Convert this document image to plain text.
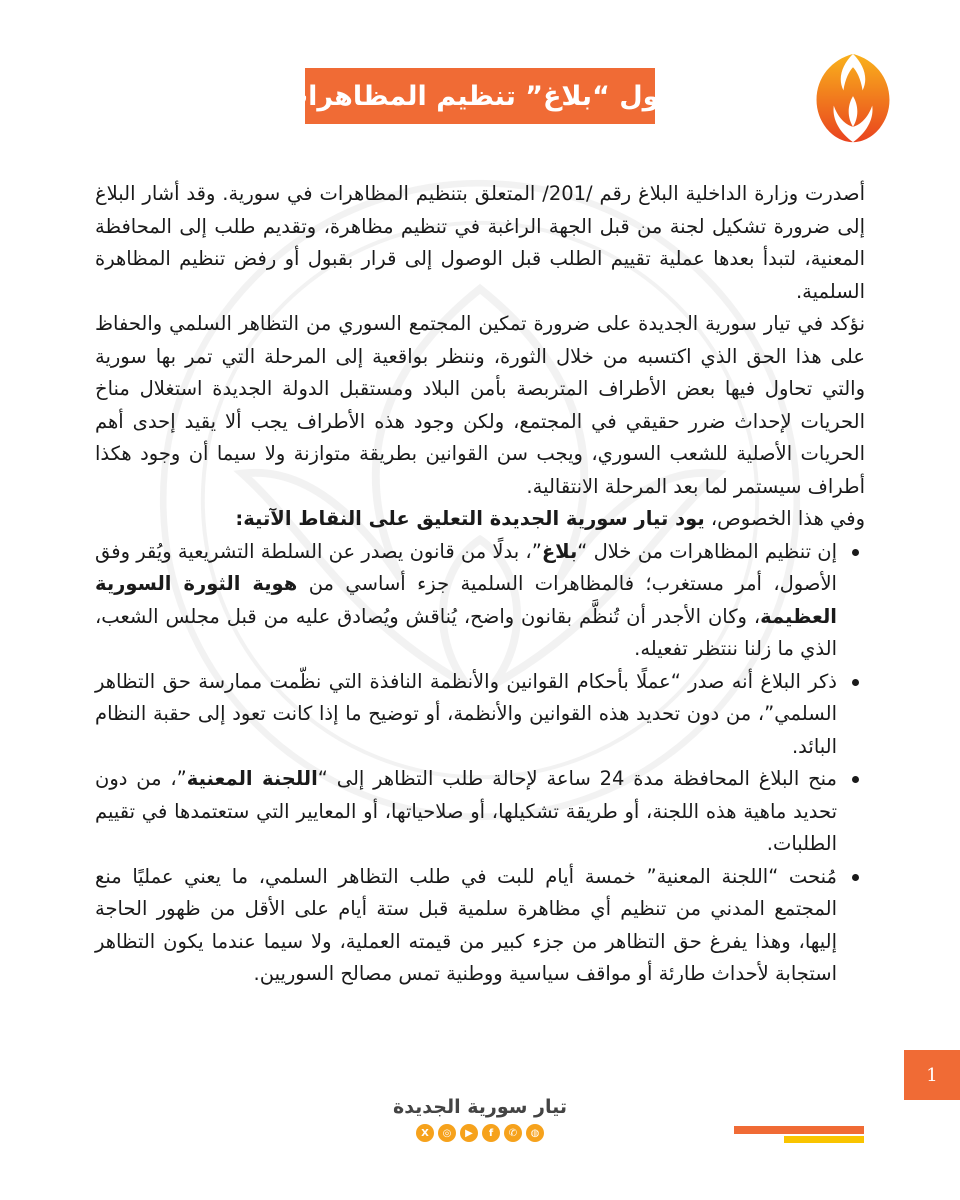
حول “بلاغ” تنظيم المظاهرات

أصدرت وزارة الداخلية البلاغ رقم /201/ المتعلق بتنظيم المظاهرات في سورية. وقد أشار البلاغ إلى ضرورة تشكيل لجنة من قبل الجهة الراغبة في تنظيم مظاهرة، وتقديم طلب إلى المحافظة المعنية، لتبدأ بعدها عملية تقييم الطلب قبل الوصول إلى قرار بقبول أو رفض تنظيم المظاهرة السلمية.

نؤكد في تيار سورية الجديدة على ضرورة تمكين المجتمع السوري من التظاهر السلمي والحفاظ على هذا الحق الذي اكتسبه من خلال الثورة، وننظر بواقعية إلى المرحلة التي تمر بها سورية والتي تحاول فيها بعض الأطراف المتربصة بأمن البلاد ومستقبل الدولة الجديدة استغلال مناخ الحريات لإحداث ضرر حقيقي في المجتمع، ولكن وجود هذه الأطراف يجب ألا يقيد إحدى أهم الحريات الأصلية للشعب السوري، ويجب سن القوانين بطريقة متوازنة ولا سيما أن وجود هكذا أطراف سيستمر لما بعد المرحلة الانتقالية.

وفي هذا الخصوص، يود تيار سورية الجديدة التعليق على النقاط الآتية:

إن تنظيم المظاهرات من خلال “بلاغ”، بدلًا من قانون يصدر عن السلطة التشريعية ويُقر وفق الأصول، أمر مستغرب؛ فالمظاهرات السلمية جزء أساسي من هوية الثورة السورية العظيمة، وكان الأجدر أن تُنظَّم بقانون واضح، يُناقش ويُصادق عليه من قبل مجلس الشعب، الذي ما زلنا ننتظر تفعيله.
ذكر البلاغ أنه صدر “عملًا بأحكام القوانين والأنظمة النافذة التي نظّمت ممارسة حق التظاهر السلمي”، من دون تحديد هذه القوانين والأنظمة، أو توضيح ما إذا كانت تعود إلى حقبة النظام البائد.
منح البلاغ المحافظة مدة 24 ساعة لإحالة طلب التظاهر إلى “اللجنة المعنية”، من دون تحديد ماهية هذه اللجنة، أو طريقة تشكيلها، أو صلاحياتها، أو المعايير التي ستعتمدها في تقييم الطلبات.
مُنحت “اللجنة المعنية” خمسة أيام للبت في طلب التظاهر السلمي، ما يعني عمليًا منع المجتمع المدني من تنظيم أي مظاهرة سلمية قبل ستة أيام على الأقل من ظهور الحاجة إليها، وهذا يفرغ حق التظاهر من جزء كبير من قيمته العملية، ولا سيما عندما يكون التظاهر استجابة لأحداث طارئة أو مواقف سياسية ووطنية تمس مصالح السوريين.
1
تيار سورية الجديدة
X	◎	▶	f	✆	◍
